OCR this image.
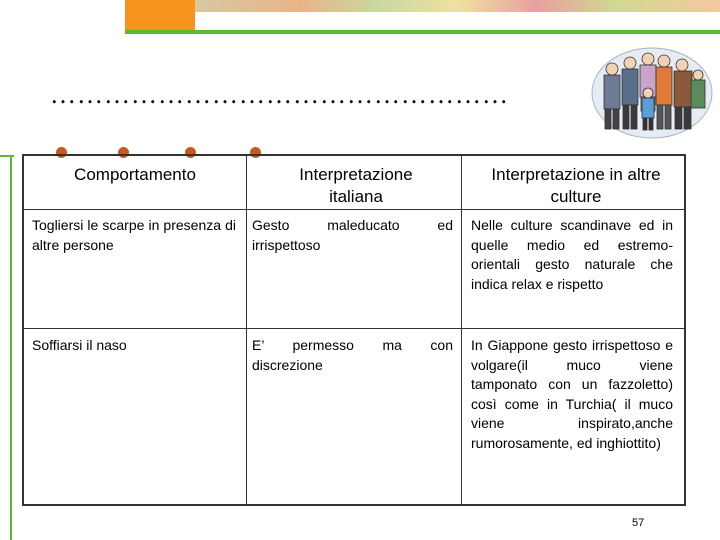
……………………………………………
Comportamento	Interpretazione italiana
Interpretazione in altre culture
Togliersi le scarpe in presenza di altre persone
Gesto maleducato ed irrispettoso
Nelle culture scandinave ed in quelle medio ed estremo-orientali gesto naturale che indica relax e rispetto
Soffiarsi il naso	E’ permesso ma con discrezione
In Giappone gesto irrispettoso e volgare(il muco viene tamponato con un fazzoletto) così come in Turchia( il muco viene inspirato,anche rumorosamente, ed inghiottito)
57
